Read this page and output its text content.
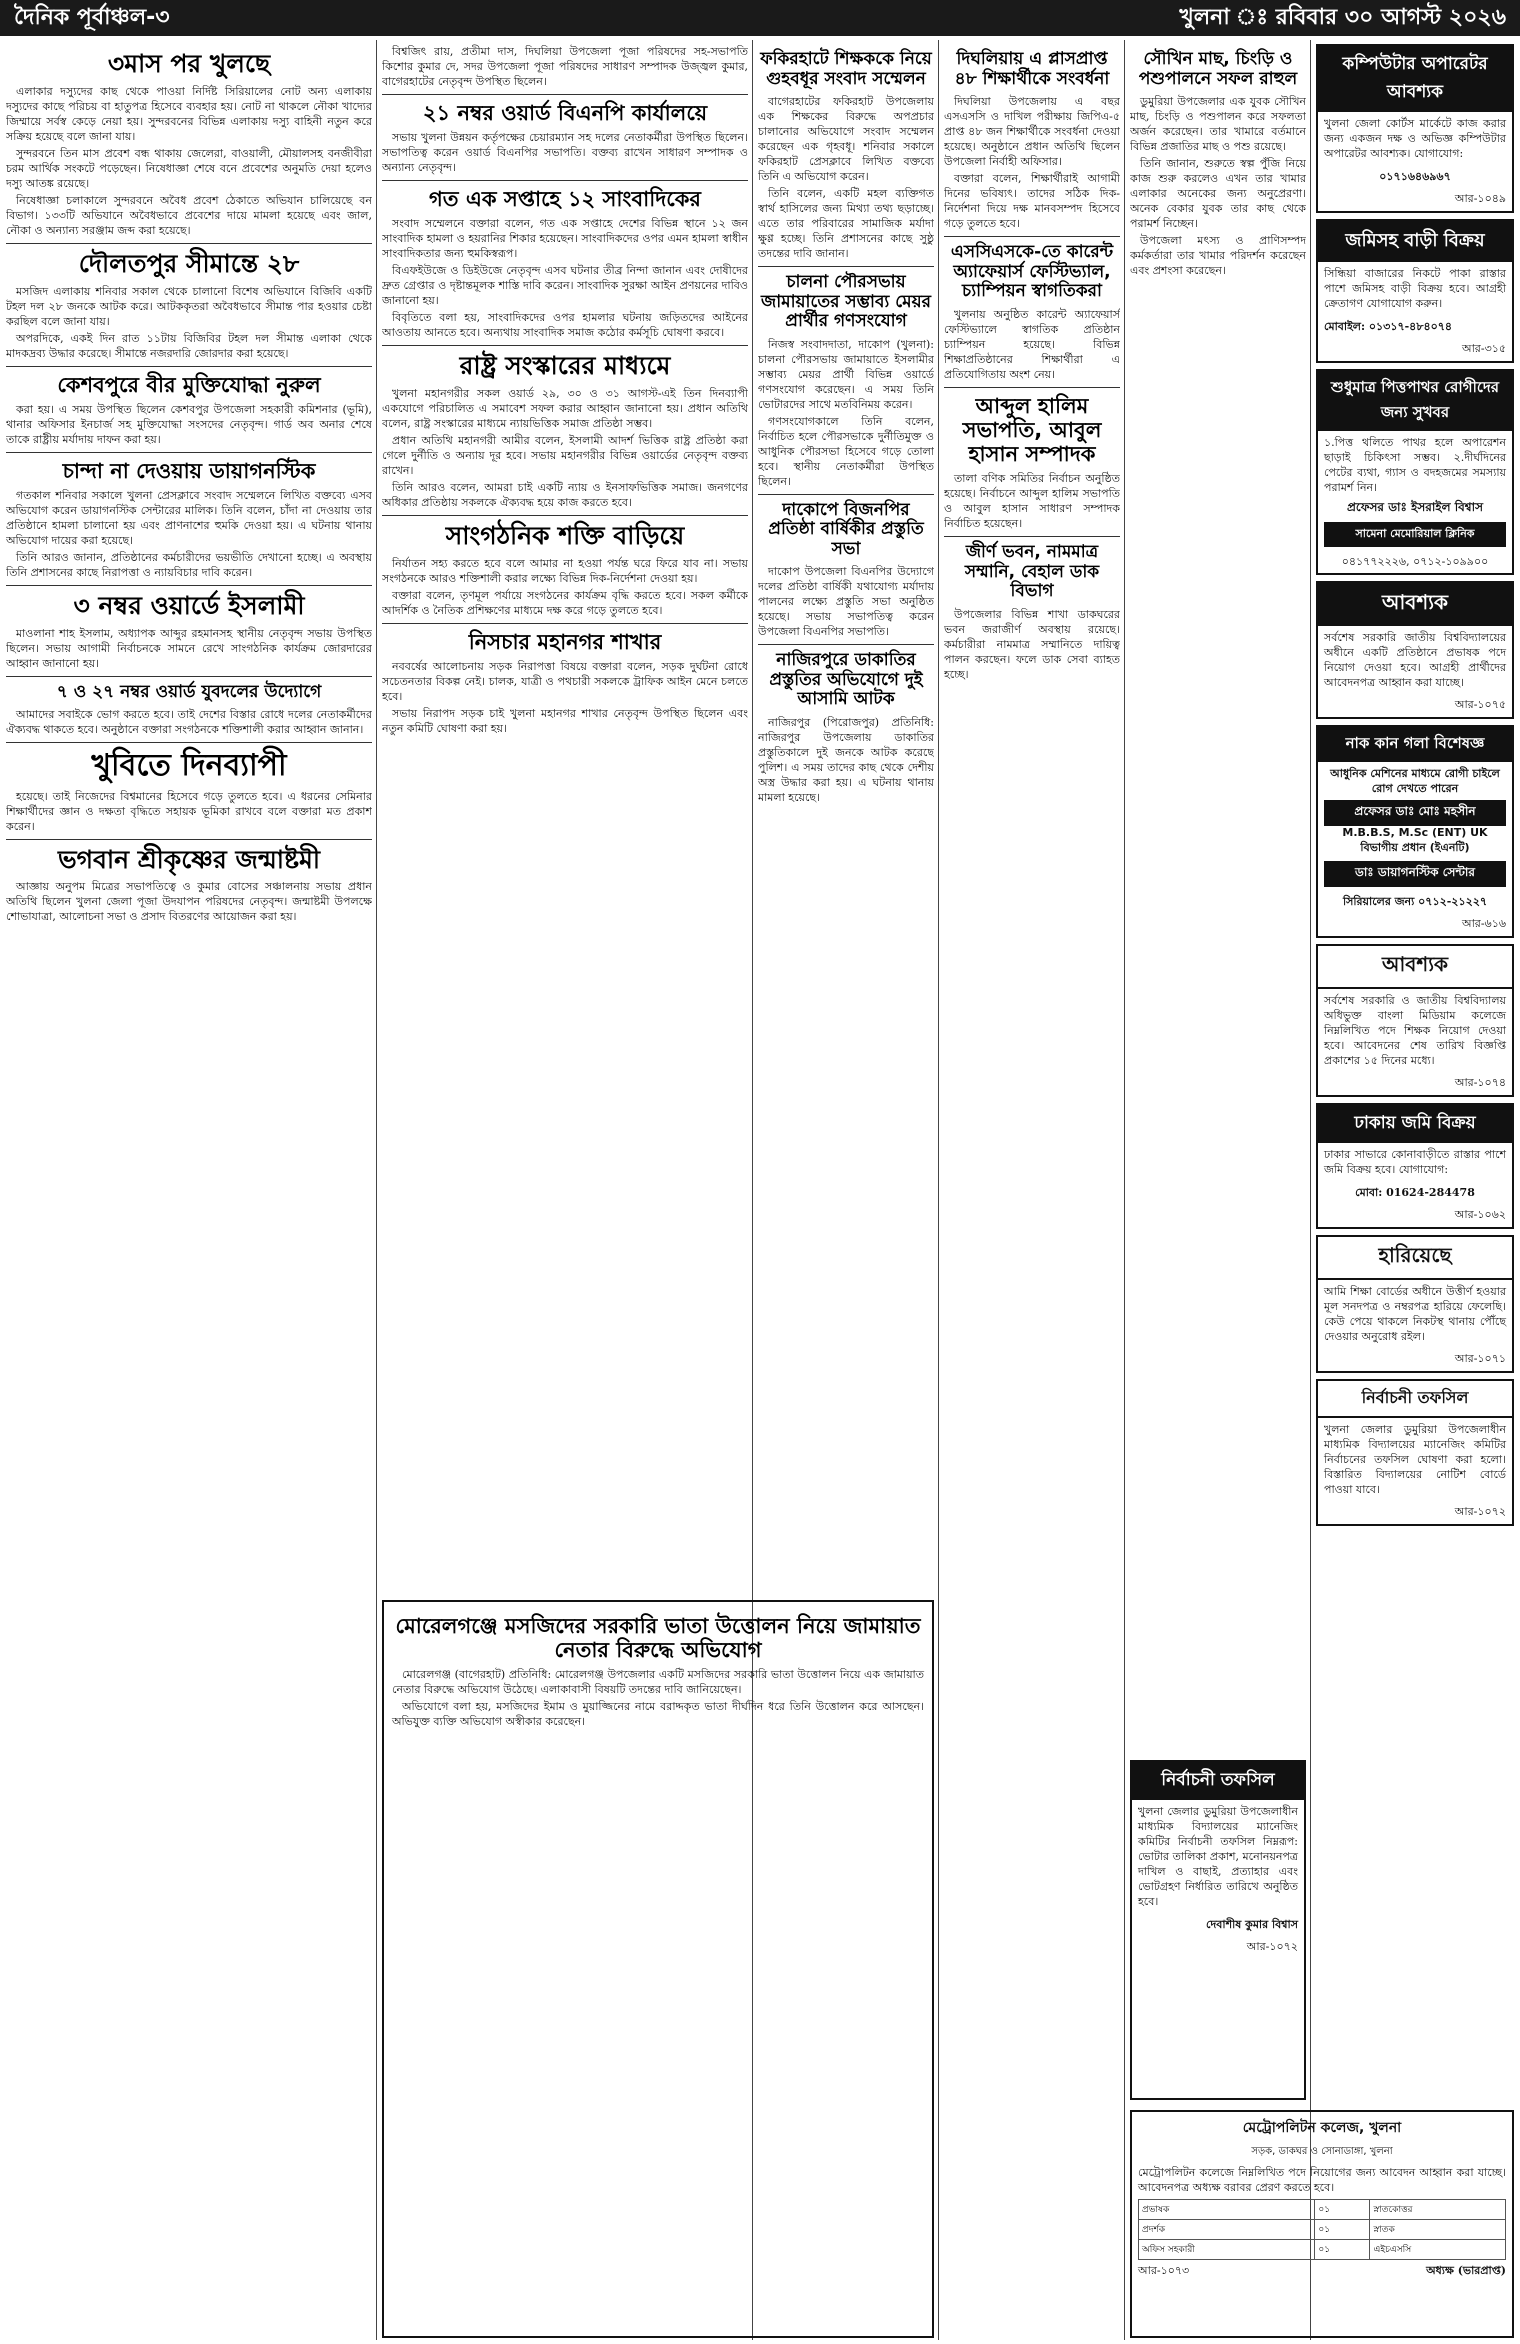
দৈনিক পূর্বাঞ্চল-৩	খুলনা ঃ রবিবার ৩০ আগস্ট ২০২৬
৩মাস পর খুলছে

এলাকার দস্যুদের কাছ থেকে পাওয়া নির্দিষ্ট সিরিয়ালের নোট অন্য এলাকায় দস্যুদের কাছে পরিচয় বা হাতুপত্র হিসেবে ব্যবহার হয়। নোট না থাকলে নৌকা খাদ্যের জিম্মায়ে সর্বস্ব কেড়ে নেয়া হয়। সুন্দরবনের বিভিন্ন এলাকায় দস্যু বাহিনী নতুন করে সক্রিয় হয়েছে বলে জানা যায়।

সুন্দরবনে তিন মাস প্রবেশ বন্ধ থাকায় জেলেরা, বাওয়ালী, মৌয়ালসহ বনজীবীরা চরম আর্থিক সংকটে পড়েছেন। নিষেধাজ্ঞা শেষে বনে প্রবেশের অনুমতি দেয়া হলেও দস্যু আতঙ্ক রয়েছে।

নিষেধাজ্ঞা চলাকালে সুন্দরবনে অবৈধ প্রবেশ ঠেকাতে অভিযান চালিয়েছে বন বিভাগ। ১৩৩টি অভিযানে অবৈধভাবে প্রবেশের দায়ে মামলা হয়েছে এবং জাল, নৌকা ও অন্যান্য সরঞ্জাম জব্দ করা হয়েছে।

দৌলতপুর সীমান্তে ২৮

মসজিদ এলাকায় শনিবার সকাল থেকে চালানো বিশেষ অভিযানে বিজিবি একটি টহল দল ২৮ জনকে আটক করে। আটককৃতরা অবৈধভাবে সীমান্ত পার হওয়ার চেষ্টা করছিল বলে জানা যায়।

অপরদিকে, একই দিন রাত ১১টায় বিজিবির টহল দল সীমান্ত এলাকা থেকে মাদকদ্রব্য উদ্ধার করেছে। সীমান্তে নজরদারি জোরদার করা হয়েছে।

কেশবপুরে বীর মুক্তিযোদ্ধা নুরুল

করা হয়। এ সময় উপস্থিত ছিলেন কেশবপুর উপজেলা সহকারী কমিশনার (ভূমি), থানার অফিসার ইনচার্জ সহ মুক্তিযোদ্ধা সংসদের নেতৃবৃন্দ। গার্ড অব অনার শেষে তাকে রাষ্ট্রীয় মর্যাদায় দাফন করা হয়।

চান্দা না দেওয়ায় ডায়াগনস্টিক

গতকাল শনিবার সকালে খুলনা প্রেসক্লাবে সংবাদ সম্মেলনে লিখিত বক্তব্যে এসব অভিযোগ করেন ডায়াগনস্টিক সেন্টারের মালিক। তিনি বলেন, চাঁদা না দেওয়ায় তার প্রতিষ্ঠানে হামলা চালানো হয় এবং প্রাণনাশের হুমকি দেওয়া হয়। এ ঘটনায় থানায় অভিযোগ দায়ের করা হয়েছে।

তিনি আরও জানান, প্রতিষ্ঠানের কর্মচারীদের ভয়ভীতি দেখানো হচ্ছে। এ অবস্থায় তিনি প্রশাসনের কাছে নিরাপত্তা ও ন্যায়বিচার দাবি করেন।

৩ নম্বর ওয়ার্ডে ইসলামী

মাওলানা শাহ ইসলাম, অধ্যাপক আব্দুর রহমানসহ স্থানীয় নেতৃবৃন্দ সভায় উপস্থিত ছিলেন। সভায় আগামী নির্বাচনকে সামনে রেখে সাংগঠনিক কার্যক্রম জোরদারের আহ্বান জানানো হয়।

৭ ও ২৭ নম্বর ওয়ার্ড যুবদলের উদ্যোগে

আমাদের সবাইকে ভোগ করতে হবে। তাই দেশের বিস্তার রোধে দলের নেতাকর্মীদের ঐক্যবদ্ধ থাকতে হবে। অনুষ্ঠানে বক্তারা সংগঠনকে শক্তিশালী করার আহ্বান জানান।

খুবিতে দিনব্যাপী

হয়েছে। তাই নিজেদের বিশ্বমানের হিসেবে গড়ে তুলতে হবে। এ ধরনের সেমিনার শিক্ষার্থীদের জ্ঞান ও দক্ষতা বৃদ্ধিতে সহায়ক ভূমিকা রাখবে বলে বক্তারা মত প্রকাশ করেন।

ভগবান শ্রীকৃষ্ণের জন্মাষ্টমী

আজ্ঞায় অনুপম মিত্রের সভাপতিত্বে ও কুমার বোসের সঞ্চালনায় সভায় প্রধান অতিথি ছিলেন খুলনা জেলা পূজা উদযাপন পরিষদের নেতৃবৃন্দ। জন্মাষ্টমী উপলক্ষে শোভাযাত্রা, আলোচনা সভা ও প্রসাদ বিতরণের আয়োজন করা হয়।

বিশ্বজিৎ রায়, প্রতীমা দাস, দিঘলিয়া উপজেলা পূজা পরিষদের সহ-সভাপতি কিশোর কুমার দে, সদর উপজেলা পূজা পরিষদের সাধারণ সম্পাদক উজ্জ্বল কুমার, বাগেরহাটের নেতৃবৃন্দ উপস্থিত ছিলেন।

২১ নম্বর ওয়ার্ড বিএনপি কার্যালয়ে

সভায় খুলনা উন্নয়ন কর্তৃপক্ষের চেয়ারম্যান সহ দলের নেতাকর্মীরা উপস্থিত ছিলেন। সভাপতিত্ব করেন ওয়ার্ড বিএনপির সভাপতি। বক্তব্য রাখেন সাধারণ সম্পাদক ও অন্যান্য নেতৃবৃন্দ।

গত এক সপ্তাহে ১২ সাংবাদিকের

সংবাদ সম্মেলনে বক্তারা বলেন, গত এক সপ্তাহে দেশের বিভিন্ন স্থানে ১২ জন সাংবাদিক হামলা ও হয়রানির শিকার হয়েছেন। সাংবাদিকদের ওপর এমন হামলা স্বাধীন সাংবাদিকতার জন্য হুমকিস্বরূপ।

বিএফইউজে ও ডিইউজে নেতৃবৃন্দ এসব ঘটনার তীব্র নিন্দা জানান এবং দোষীদের দ্রুত গ্রেপ্তার ও দৃষ্টান্তমূলক শাস্তি দাবি করেন। সাংবাদিক সুরক্ষা আইন প্রণয়নের দাবিও জানানো হয়।

বিবৃতিতে বলা হয়, সাংবাদিকদের ওপর হামলার ঘটনায় জড়িতদের আইনের আওতায় আনতে হবে। অন্যথায় সাংবাদিক সমাজ কঠোর কর্মসূচি ঘোষণা করবে।

রাষ্ট্র সংস্কারের মাধ্যমে

খুলনা মহানগরীর সকল ওয়ার্ড ২৯, ৩০ ও ৩১ আগস্ট-এই তিন দিনব্যাপী একযোগে পরিচালিত এ সমাবেশ সফল করার আহ্বান জানানো হয়। প্রধান অতিথি বলেন, রাষ্ট্র সংস্কারের মাধ্যমে ন্যায়ভিত্তিক সমাজ প্রতিষ্ঠা সম্ভব।

প্রধান অতিথি মহানগরী আমীর বলেন, ইসলামী আদর্শ ভিত্তিক রাষ্ট্র প্রতিষ্ঠা করা গেলে দুর্নীতি ও অন্যায় দূর হবে। সভায় মহানগরীর বিভিন্ন ওয়ার্ডের নেতৃবৃন্দ বক্তব্য রাখেন।

তিনি আরও বলেন, আমরা চাই একটি ন্যায় ও ইনসাফভিত্তিক সমাজ। জনগণের অধিকার প্রতিষ্ঠায় সকলকে ঐক্যবদ্ধ হয়ে কাজ করতে হবে।

সাংগঠনিক শক্তি বাড়িয়ে

নির্যাতন সহ্য করতে হবে বলে আমার না হওয়া পর্যন্ত ঘরে ফিরে যাব না। সভায় সংগঠনকে আরও শক্তিশালী করার লক্ষ্যে বিভিন্ন দিক-নির্দেশনা দেওয়া হয়।

বক্তারা বলেন, তৃণমূল পর্যায়ে সংগঠনের কার্যক্রম বৃদ্ধি করতে হবে। সকল কর্মীকে আদর্শিক ও নৈতিক প্রশিক্ষণের মাধ্যমে দক্ষ করে গড়ে তুলতে হবে।

নিসচার মহানগর শাখার

নববর্ষের আলোচনায় সড়ক নিরাপত্তা বিষয়ে বক্তারা বলেন, সড়ক দুর্ঘটনা রোধে সচেতনতার বিকল্প নেই। চালক, যাত্রী ও পথচারী সকলকে ট্রাফিক আইন মেনে চলতে হবে।

সভায় নিরাপদ সড়ক চাই খুলনা মহানগর শাখার নেতৃবৃন্দ উপস্থিত ছিলেন এবং নতুন কমিটি ঘোষণা করা হয়।

মোরেলগঞ্জে মসজিদের সরকারি ভাতা উত্তোলন নিয়ে জামায়াত নেতার বিরুদ্ধে অভিযোগ

মোরেলগঞ্জ (বাগেরহাট) প্রতিনিধি: মোরেলগঞ্জ উপজেলার একটি মসজিদের সরকারি ভাতা উত্তোলন নিয়ে এক জামায়াত নেতার বিরুদ্ধে অভিযোগ উঠেছে। এলাকাবাসী বিষয়টি তদন্তের দাবি জানিয়েছেন।

অভিযোগে বলা হয়, মসজিদের ইমাম ও মুয়াজ্জিনের নামে বরাদ্দকৃত ভাতা দীর্ঘদিন ধরে তিনি উত্তোলন করে আসছেন। অভিযুক্ত ব্যক্তি অভিযোগ অস্বীকার করেছেন।

ফকিরহাটে শিক্ষককে নিয়ে গুহবধূর সংবাদ সম্মেলন

বাগেরহাটের ফকিরহাট উপজেলায় এক শিক্ষকের বিরুদ্ধে অপপ্রচার চালানোর অভিযোগে সংবাদ সম্মেলন করেছেন এক গৃহবধূ। শনিবার সকালে ফকিরহাট প্রেসক্লাবে লিখিত বক্তব্যে তিনি এ অভিযোগ করেন।

তিনি বলেন, একটি মহল ব্যক্তিগত স্বার্থ হাসিলের জন্য মিথ্যা তথ্য ছড়াচ্ছে। এতে তার পরিবারের সামাজিক মর্যাদা ক্ষুণ্ণ হচ্ছে। তিনি প্রশাসনের কাছে সুষ্ঠু তদন্তের দাবি জানান।

চালনা পৌরসভায় জামায়াতের সম্ভাব্য মেয়র প্রার্থীর গণসংযোগ

নিজস্ব সংবাদদাতা, দাকোপ (খুলনা): চালনা পৌরসভায় জামায়াতে ইসলামীর সম্ভাব্য মেয়র প্রার্থী বিভিন্ন ওয়ার্ডে গণসংযোগ করেছেন। এ সময় তিনি ভোটারদের সাথে মতবিনিময় করেন।

গণসংযোগকালে তিনি বলেন, নির্বাচিত হলে পৌরসভাকে দুর্নীতিমুক্ত ও আধুনিক পৌরসভা হিসেবে গড়ে তোলা হবে। স্থানীয় নেতাকর্মীরা উপস্থিত ছিলেন।

দাকোপে বিজনপির প্রতিষ্ঠা বার্ষিকীর প্রস্তুতি সভা

দাকোপ উপজেলা বিএনপির উদ্যোগে দলের প্রতিষ্ঠা বার্ষিকী যথাযোগ্য মর্যাদায় পালনের লক্ষ্যে প্রস্তুতি সভা অনুষ্ঠিত হয়েছে। সভায় সভাপতিত্ব করেন উপজেলা বিএনপির সভাপতি।

নাজিরপুরে ডাকাতির প্রস্তুতির অভিযোগে দুই আসামি আটক

নাজিরপুর (পিরোজপুর) প্রতিনিধি: নাজিরপুর উপজেলায় ডাকাতির প্রস্তুতিকালে দুই জনকে আটক করেছে পুলিশ। এ সময় তাদের কাছ থেকে দেশীয় অস্ত্র উদ্ধার করা হয়। এ ঘটনায় থানায় মামলা হয়েছে।

দিঘলিয়ায় এ প্লাসপ্রাপ্ত ৪৮ শিক্ষার্থীকে সংবর্ধনা

দিঘলিয়া উপজেলায় এ বছর এসএসসি ও দাখিল পরীক্ষায় জিপিএ-৫ প্রাপ্ত ৪৮ জন শিক্ষার্থীকে সংবর্ধনা দেওয়া হয়েছে। অনুষ্ঠানে প্রধান অতিথি ছিলেন উপজেলা নির্বাহী অফিসার।

বক্তারা বলেন, শিক্ষার্থীরাই আগামী দিনের ভবিষ্যৎ। তাদের সঠিক দিক-নির্দেশনা দিয়ে দক্ষ মানবসম্পদ হিসেবে গড়ে তুলতে হবে।

এসসিএসকে-তে কারেন্ট অ্যাফেয়ার্স ফেস্টিভ্যাল, চ্যাম্পিয়ন স্বাগতিকরা

খুলনায় অনুষ্ঠিত কারেন্ট অ্যাফেয়ার্স ফেস্টিভ্যালে স্বাগতিক প্রতিষ্ঠান চ্যাম্পিয়ন হয়েছে। বিভিন্ন শিক্ষাপ্রতিষ্ঠানের শিক্ষার্থীরা এ প্রতিযোগিতায় অংশ নেয়।

আব্দুল হালিম সভাপতি, আবুল হাসান সম্পাদক

তালা বণিক সমিতির নির্বাচন অনুষ্ঠিত হয়েছে। নির্বাচনে আব্দুল হালিম সভাপতি ও আবুল হাসান সাধারণ সম্পাদক নির্বাচিত হয়েছেন।

জীর্ণ ভবন, নামমাত্র সম্মানি, বেহাল ডাক বিভাগ

উপজেলার বিভিন্ন শাখা ডাকঘরের ভবন জরাজীর্ণ অবস্থায় রয়েছে। কর্মচারীরা নামমাত্র সম্মানিতে দায়িত্ব পালন করছেন। ফলে ডাক সেবা ব্যাহত হচ্ছে।

সৌখিন মাছ, চিংড়ি ও পশুপালনে সফল রাহুল

ডুমুরিয়া উপজেলার এক যুবক সৌখিন মাছ, চিংড়ি ও পশুপালন করে সফলতা অর্জন করেছেন। তার খামারে বর্তমানে বিভিন্ন প্রজাতির মাছ ও পশু রয়েছে।

তিনি জানান, শুরুতে স্বল্প পুঁজি নিয়ে কাজ শুরু করলেও এখন তার খামার এলাকার অনেকের জন্য অনুপ্রেরণা। অনেক বেকার যুবক তার কাছ থেকে পরামর্শ নিচ্ছেন।

উপজেলা মৎস্য ও প্রাণিসম্পদ কর্মকর্তারা তার খামার পরিদর্শন করেছেন এবং প্রশংসা করেছেন।

নির্বাচনী তফসিল
খুলনা জেলার ডুমুরিয়া উপজেলাধীন মাধ্যমিক বিদ্যালয়ের ম্যানেজিং কমিটির নির্বাচনী তফসিল নিম্নরূপ: ভোটার তালিকা প্রকাশ, মনোনয়নপত্র দাখিল ও বাছাই, প্রত্যাহার এবং ভোটগ্রহণ নির্ধারিত তারিখে অনুষ্ঠিত হবে।
দেবাশীষ কুমার বিশ্বাস
আর-১০৭২
কম্পিউটার অপারেটর আবশ্যক
খুলনা জেলা কোর্টস মার্কেটে কাজ করার জন্য একজন দক্ষ ও অভিজ্ঞ কম্পিউটার অপারেটর আবশ্যক। যোগাযোগ:
০১৭১৬৪৬৯৬৭
আর-১০৪৯
জমিসহ বাড়ী বিক্রয়
সিন্ধিয়া বাজারের নিকটে পাকা রাস্তার পাশে জমিসহ বাড়ী বিক্রয় হবে। আগ্রহী ক্রেতাগণ যোগাযোগ করুন।
মোবাইল: ০১৩১৭-৪৮৪০৭৪
আর-৩১৫
শুধুমাত্র পিত্তপাথর রোগীদের জন্য সুখবর
১.পিত্ত থলিতে পাথর হলে অপারেশন ছাড়াই চিকিৎসা সম্ভব। ২.দীর্ঘদিনের পেটের ব্যথা, গ্যাস ও বদহজমের সমস্যায় পরামর্শ নিন।
প্রফেসর ডাঃ ইসরাইল বিশ্বাস
সামেনা মেমোরিয়াল ক্লিনিক
০৪১৭৭২২২৬, ০৭১২-১০৯৯০০
আবশ্যক
সর্বশেষ সরকারি জাতীয় বিশ্ববিদ্যালয়ের অধীনে একটি প্রতিষ্ঠানে প্রভাষক পদে নিয়োগ দেওয়া হবে। আগ্রহী প্রার্থীদের আবেদনপত্র আহ্বান করা যাচ্ছে।
আর-১০৭৫
নাক কান গলা বিশেষজ্ঞ
আধুনিক মেশিনের মাধ্যমে রোগী চাইলে রোগ দেখতে পারেন
প্রফেসর ডাঃ মোঃ মহসীন
M.B.B.S, M.Sc (ENT) UK
বিভাগীয় প্রধান (ইএনটি)
ডাঃ ডায়াগনস্টিক সেন্টার
সিরিয়ালের জন্য ০৭১২-২১২২৭
আর-৬১৬
আবশ্যক
সর্বশেষ সরকারি ও জাতীয় বিশ্ববিদ্যালয় অধিভুক্ত বাংলা মিডিয়াম কলেজে নিম্নলিখিত পদে শিক্ষক নিয়োগ দেওয়া হবে। আবেদনের শেষ তারিখ বিজ্ঞপ্তি প্রকাশের ১৫ দিনের মধ্যে।
আর-১০৭৪
ঢাকায় জমি বিক্রয়
ঢাকার সাভারে কোনাবাড়ীতে রাস্তার পাশে জমি বিক্রয় হবে। যোগাযোগ:
মোবা: 01624-284478
আর-১০৬২
হারিয়েছে
আমি শিক্ষা বোর্ডের অধীনে উত্তীর্ণ হওয়ার মূল সনদপত্র ও নম্বরপত্র হারিয়ে ফেলেছি। কেউ পেয়ে থাকলে নিকটস্থ থানায় পৌঁছে দেওয়ার অনুরোধ রইল।
আর-১০৭১
নির্বাচনী তফসিল
খুলনা জেলার ডুমুরিয়া উপজেলাধীন মাধ্যমিক বিদ্যালয়ের ম্যানেজিং কমিটির নির্বাচনের তফসিল ঘোষণা করা হলো। বিস্তারিত বিদ্যালয়ের নোটিশ বোর্ডে পাওয়া যাবে।
আর-১০৭২
মেট্রোপলিটন কলেজ, খুলনা
সড়ক, ডাকঘর ও সোনাডাঙ্গা, খুলনা
মেট্রোপলিটন কলেজে নিম্নলিখিত পদে নিয়োগের জন্য আবেদন আহ্বান করা যাচ্ছে। আবেদনপত্র অধ্যক্ষ বরাবর প্রেরণ করতে হবে।
প্রভাষক	০১	স্নাতকোত্তর
প্রদর্শক	০১	স্নাতক
অফিস সহকারী	০১	এইচএসসি
আর-১০৭৩	অধ্যক্ষ (ভারপ্রাপ্ত)
